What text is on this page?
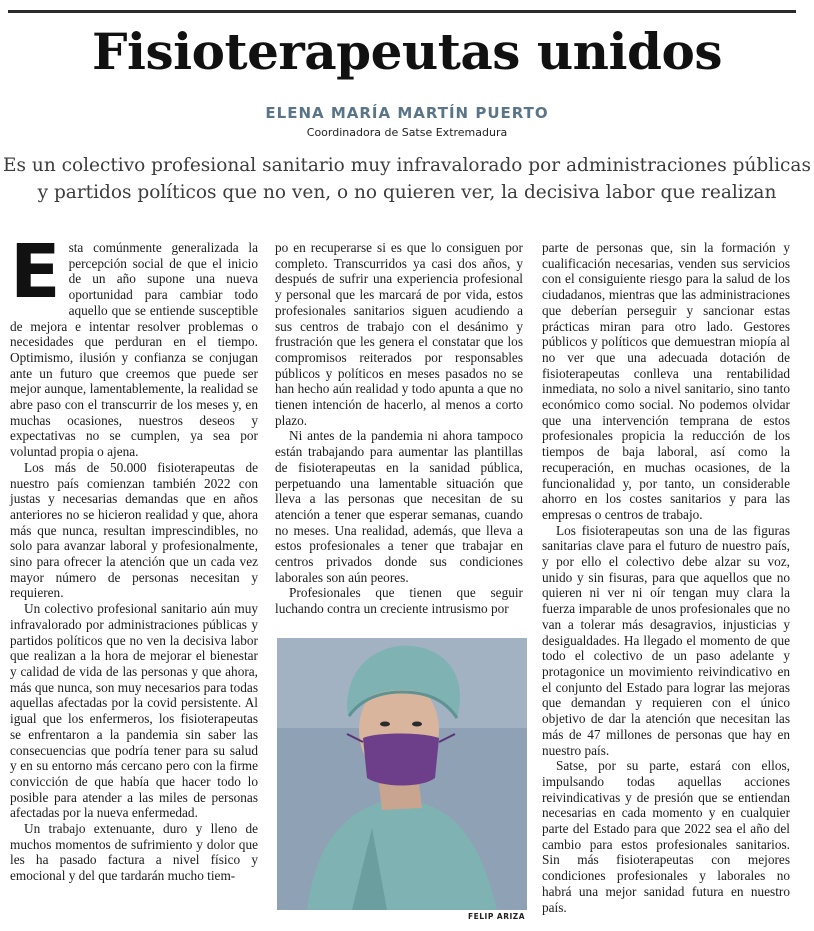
Fisioterapeutas unidos
ELENA MARÍA MARTÍN PUERTO
Coordinadora de Satse Extremadura
Es un colectivo profesional sanitario muy infravalorado por administraciones públicas
y partidos políticos que no ven, o no quieren ver, la decisiva labor que realizan
E sta comúnmente generalizada la percepción social de que el inicio de un año supone una nueva oportunidad para cambiar todo aquello que se entiende susceptible de mejora e intentar resolver problemas o necesidades que perduran en el tiempo. Optimismo, ilusión y confianza se conjugan ante un futuro que creemos que puede ser mejor aunque, lamentablemente, la realidad se abre paso con el transcurrir de los meses y, en muchas ocasiones, nuestros deseos y expectativas no se cumplen, ya sea por voluntad propia o ajena.

Los más de 50.000 fisioterapeutas de nuestro país comienzan también 2022 con justas y necesarias demandas que en años anteriores no se hicieron realidad y que, ahora más que nunca, resultan imprescindibles, no solo para avanzar laboral y profesionalmente, sino para ofrecer la atención que un cada vez mayor número de personas necesitan y requieren.

Un colectivo profesional sanitario aún muy infravalorado por administraciones públicas y partidos políticos que no ven la decisiva labor que realizan a la hora de mejorar el bienestar y calidad de vida de las personas y que ahora, más que nunca, son muy necesarios para todas aquellas afectadas por la covid persistente. Al igual que los enfermeros, los fisioterapeutas se enfrentaron a la pandemia sin saber las consecuencias que podría tener para su salud y en su entorno más cercano pero con la firme convicción de que había que hacer todo lo posible para atender a las miles de personas afectadas por la nueva enfermedad.

Un trabajo extenuante, duro y lleno de muchos momentos de sufrimiento y dolor que les ha pasado factura a nivel físico y emocional y del que tardarán mucho tiem-

po en recuperarse si es que lo consiguen por completo. Transcurridos ya casi dos años, y después de sufrir una experiencia profesional y personal que les marcará de por vida, estos profesionales sanitarios siguen acudiendo a sus centros de trabajo con el desánimo y frustración que les genera el constatar que los compromisos reiterados por responsables públicos y políticos en meses pasados no se han hecho aún realidad y todo apunta a que no tienen intención de hacerlo, al menos a corto plazo.

Ni antes de la pandemia ni ahora tampoco están trabajando para aumentar las plantillas de fisioterapeutas en la sanidad pública, perpetuando una lamentable situación que lleva a las personas que necesitan de su atención a tener que esperar semanas, cuando no meses. Una realidad, además, que lleva a estos profesionales a tener que trabajar en centros privados donde sus condiciones laborales son aún peores.

Profesionales que tienen que seguir luchando contra un creciente intrusismo por

parte de personas que, sin la formación y cualificación necesarias, venden sus servicios con el consiguiente riesgo para la salud de los ciudadanos, mientras que las administraciones que deberían perseguir y sancionar estas prácticas miran para otro lado. Gestores públicos y políticos que demuestran miopía al no ver que una adecuada dotación de fisioterapeutas conlleva una rentabilidad inmediata, no solo a nivel sanitario, sino tanto económico como social. No podemos olvidar que una intervención temprana de estos profesionales propicia la reducción de los tiempos de baja laboral, así como la recuperación, en muchas ocasiones, de la funcionalidad y, por tanto, un considerable ahorro en los costes sanitarios y para las empresas o centros de trabajo.

Los fisioterapeutas son una de las figuras sanitarias clave para el futuro de nuestro país, y por ello el colectivo debe alzar su voz, unido y sin fisuras, para que aquellos que no quieren ni ver ni oír tengan muy clara la fuerza imparable de unos profesionales que no van a tolerar más desagravios, injusticias y desigualdades. Ha llegado el momento de que todo el colectivo de un paso adelante y protagonice un movimiento reivindicativo en el conjunto del Estado para lograr las mejoras que demandan y requieren con el único objetivo de dar la atención que necesitan las más de 47 millones de personas que hay en nuestro país.

Satse, por su parte, estará con ellos, impulsando todas aquellas acciones reivindicativas y de presión que se entiendan necesarias en cada momento y en cualquier parte del Estado para que 2022 sea el año del cambio para estos profesionales sanitarios. Sin más fisioterapeutas con mejores condiciones profesionales y laborales no habrá una mejor sanidad futura en nuestro país.

FELIP ARIZA
